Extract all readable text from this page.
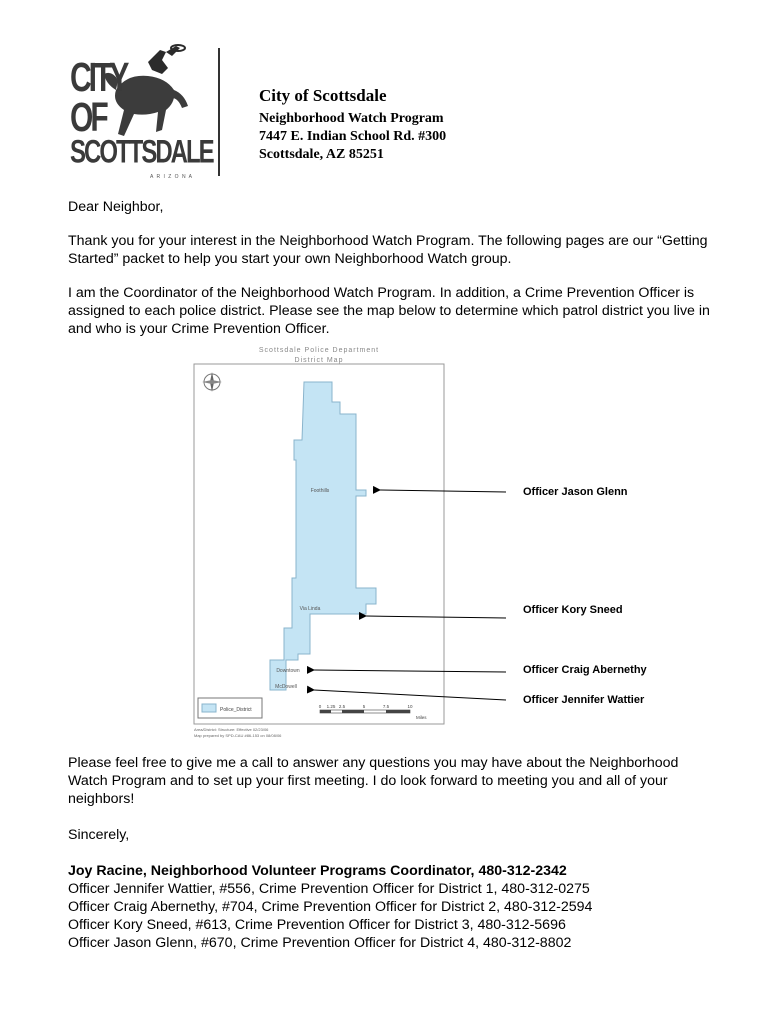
CITY
OF
SCOTTSDALE
A R I Z O N A
City of Scottsdale
Neighborhood Watch Program
7447 E. Indian School Rd. #300
Scottsdale, AZ 85251
Dear Neighbor,
Thank you for your interest in the Neighborhood Watch Program. The following pages are our “Getting Started” packet to help you start your own Neighborhood Watch group.
I am the Coordinator of the Neighborhood Watch Program. In addition, a Crime Prevention Officer is assigned to each police district. Please see the map below to determine which patrol district you live in and who is your Crime Prevention Officer.
Scottsdale Police Department
District Map
Foothills
Via Linda
Downtown
McDowell
Police_District
0 1.25 2.5	5	7.5	10
Miles
Area/District: Structure: Effective 02/23/06
Map prepared by SPD-CAU #86-153 on 08/08/06
Officer Jason Glenn
Officer Kory Sneed
Officer Craig Abernethy
Officer Jennifer Wattier
Please feel free to give me a call to answer any questions you may have about the Neighborhood Watch Program and to set up your first meeting. I do look forward to meeting you and all of your neighbors!
Sincerely,
Joy Racine, Neighborhood Volunteer Programs Coordinator, 480-312-2342
Officer Jennifer Wattier, #556, Crime Prevention Officer for District 1, 480-312-0275
Officer Craig Abernethy, #704, Crime Prevention Officer for District 2, 480-312-2594
Officer Kory Sneed, #613, Crime Prevention Officer for District 3, 480-312-5696
Officer Jason Glenn, #670, Crime Prevention Officer for District 4, 480-312-8802
